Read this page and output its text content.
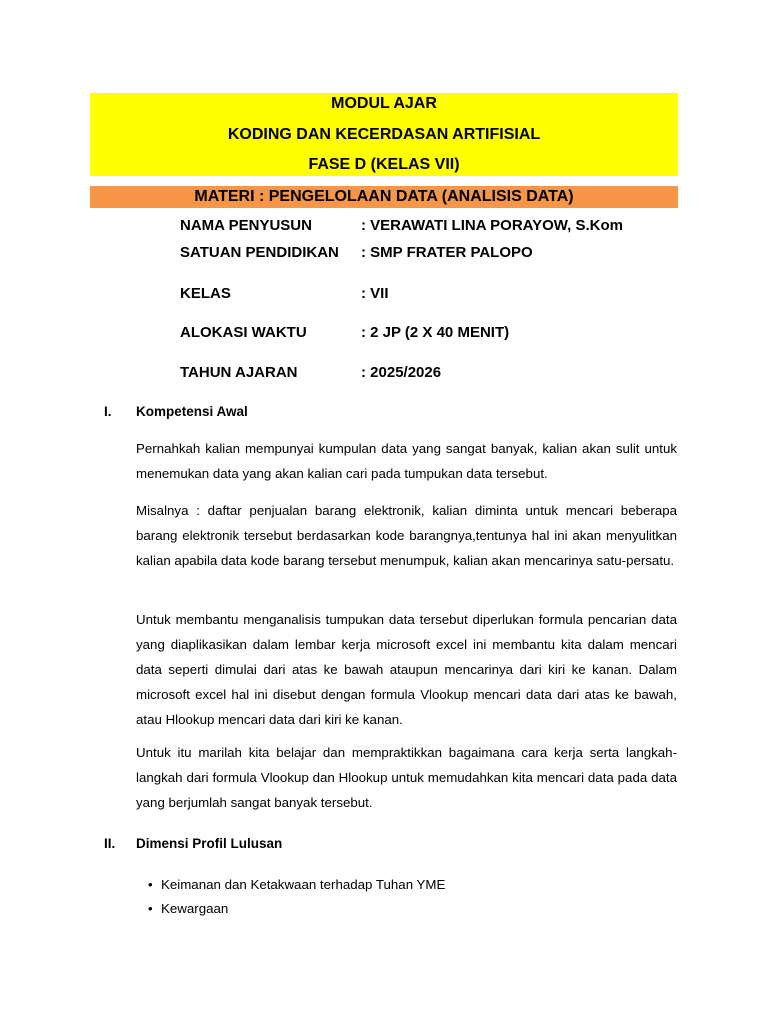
MODUL AJAR
KODING DAN KECERDASAN ARTIFISIAL
FASE D (KELAS VII)
MATERI : PENGELOLAAN DATA (ANALISIS DATA)
NAMA PENYUSUN	: VERAWATI LINA PORAYOW, S.Kom
SATUAN PENDIDIKAN : SMP FRATER PALOPO
KELAS	: VII
ALOKASI WAKTU	: 2 JP (2 X 40 MENIT)
TAHUN AJARAN	: 2025/2026
I. Kompetensi Awal

Pernahkah kalian mempunyai kumpulan data yang sangat banyak, kalian akan sulit untuk menemukan data yang akan kalian cari pada tumpukan data tersebut.

Misalnya : daftar penjualan barang elektronik, kalian diminta untuk mencari beberapa barang elektronik tersebut berdasarkan kode barangnya,tentunya hal ini akan menyulitkan kalian apabila data kode barang tersebut menumpuk, kalian akan mencarinya satu-persatu.

Untuk membantu menganalisis tumpukan data tersebut diperlukan formula pencarian data yang diaplikasikan dalam lembar kerja microsoft excel ini membantu kita dalam mencari data seperti dimulai dari atas ke bawah ataupun mencarinya dari kiri ke kanan. Dalam microsoft excel hal ini disebut dengan formula Vlookup mencari data dari atas ke bawah, atau Hlookup mencari data dari kiri ke kanan.

Untuk itu marilah kita belajar dan mempraktikkan bagaimana cara kerja serta langkah-langkah dari formula Vlookup dan Hlookup untuk memudahkan kita mencari data pada data yang berjumlah sangat banyak tersebut.

II. Dimensi Profil Lulusan
• Keimanan dan Ketakwaan terhadap Tuhan YME
• Kewargaan
